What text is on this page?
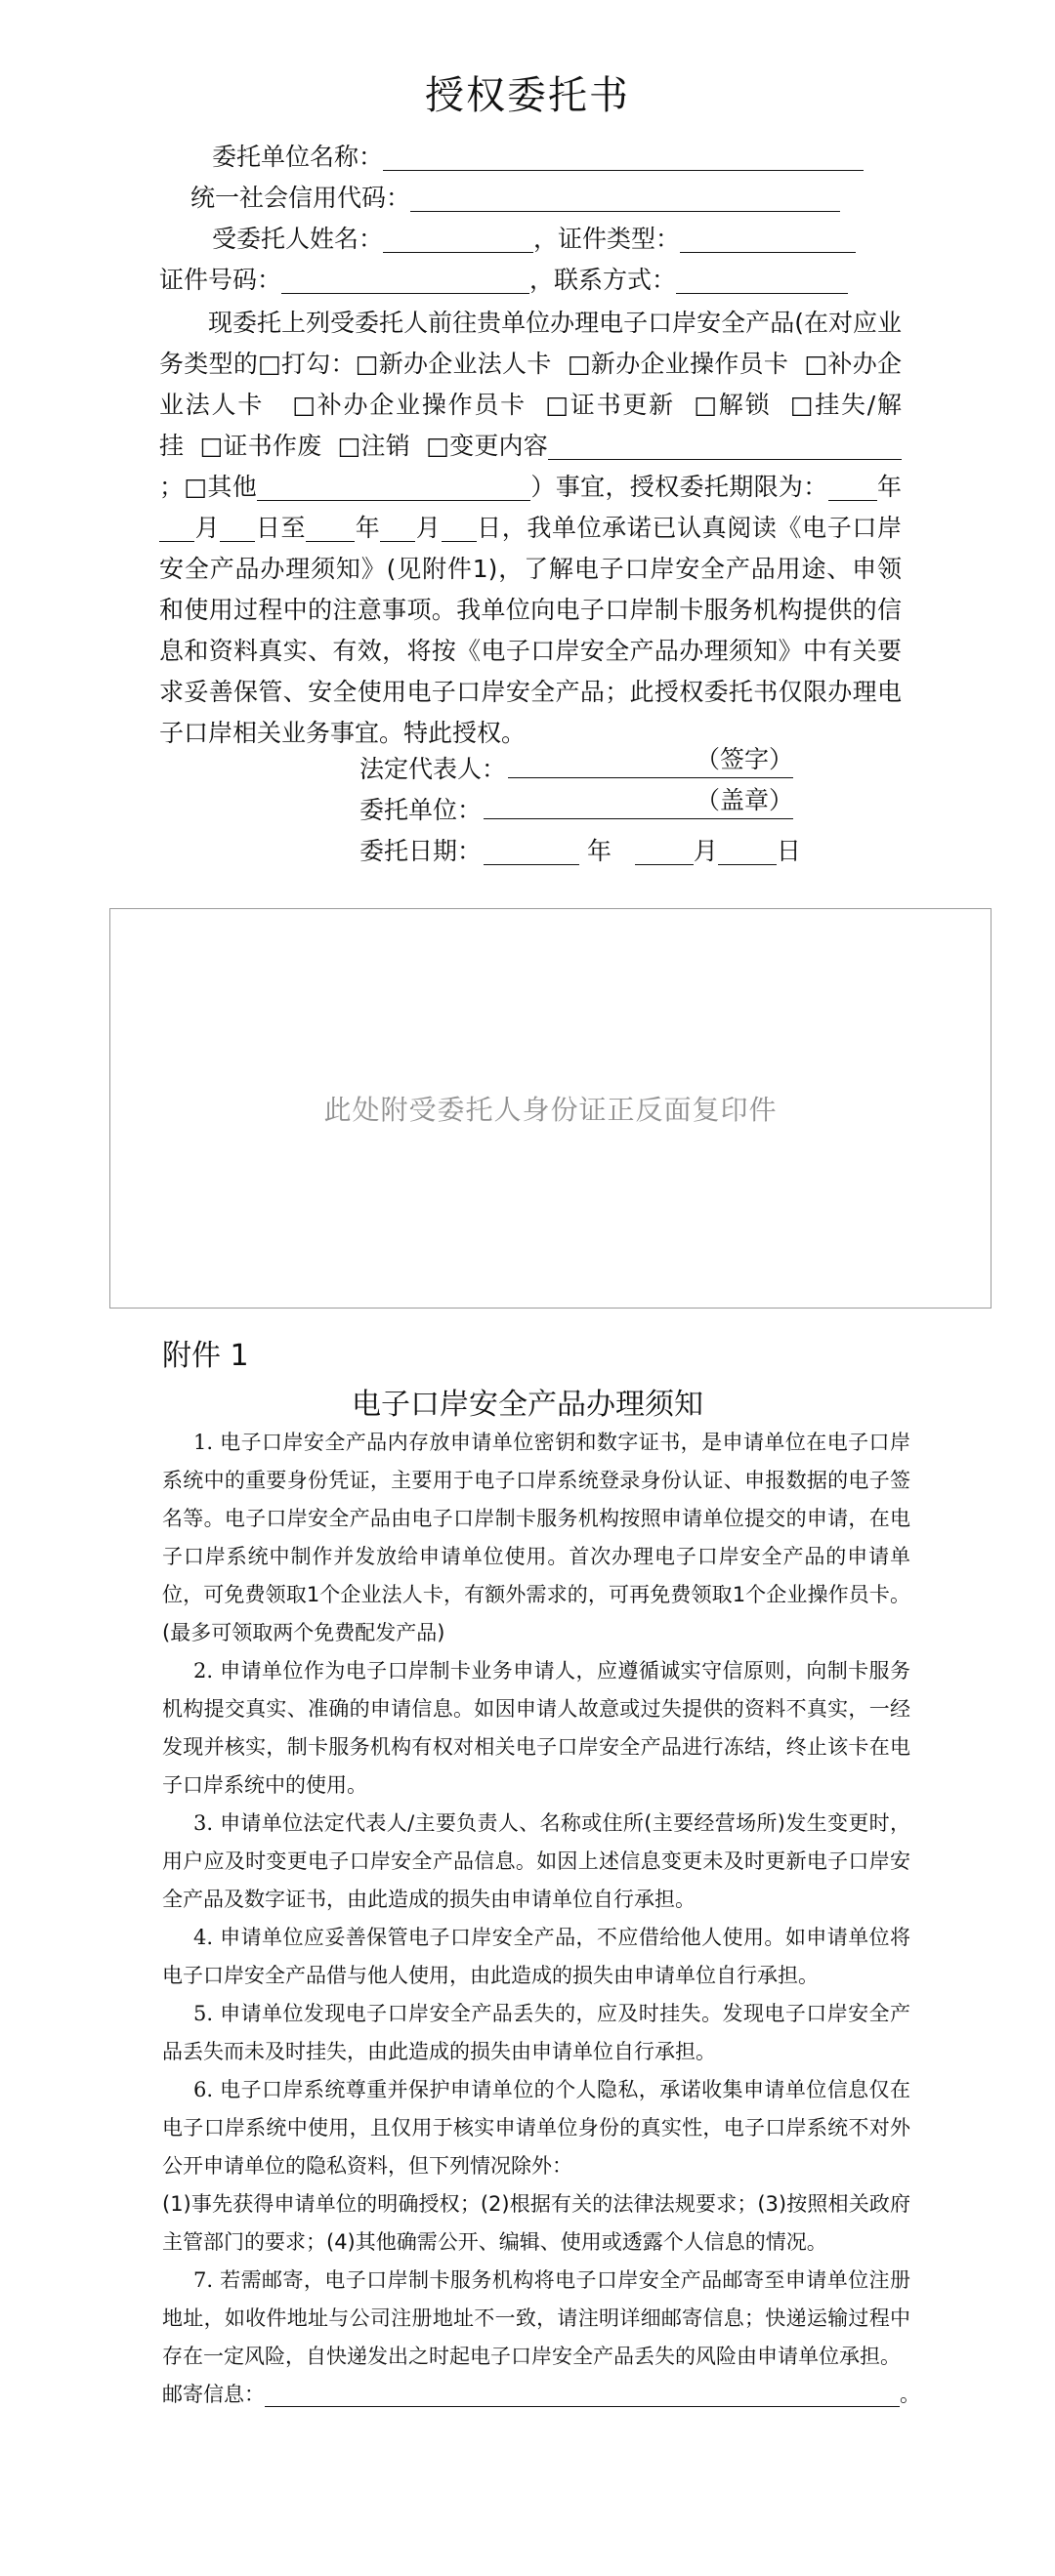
授权委托书
委托单位名称：
统一社会信用代码：
受委托人姓名：	，证件类型：
证件号码：	，联系方式：
现委托上列受委托人前往贵单位办理电子口岸安全产品(在对应业务类型的□打勾：□新办企业法人卡 □新办企业操作员卡 □补办企业法人卡 □补办企业操作员卡 □证书更新 □解锁 □挂失/解挂 □证书作废 □注销 □变更内容；□其他	）事宜，授权委托期限为： 年月 日至 年 月 日，我单位承诺已认真阅读《电子口岸安全产品办理须知》(见附件1)，了解电子口岸安全产品用途、申领和使用过程中的注意事项。我单位向电子口岸制卡服务机构提供的信息和资料真实、有效，将按《电子口岸安全产品办理须知》中有关要求妥善保管、安全使用电子口岸安全产品；此授权委托书仅限办理电子口岸相关业务事宜。特此授权。
法定代表人：	（签字）
委托单位：	（盖章）
委托日期：	年	月 日
此处附受委托人身份证正反面复印件
附件 1
电子口岸安全产品办理须知
1. 电子口岸安全产品内存放申请单位密钥和数字证书，是申请单位在电子口岸系统中的重要身份凭证，主要用于电子口岸系统登录身份认证、申报数据的电子签名等。电子口岸安全产品由电子口岸制卡服务机构按照申请单位提交的申请，在电子口岸系统中制作并发放给申请单位使用。首次办理电子口岸安全产品的申请单位，可免费领取1个企业法人卡，有额外需求的，可再免费领取1个企业操作员卡。(最多可领取两个免费配发产品)
2. 申请单位作为电子口岸制卡业务申请人，应遵循诚实守信原则，向制卡服务机构提交真实、准确的申请信息。如因申请人故意或过失提供的资料不真实，一经发现并核实，制卡服务机构有权对相关电子口岸安全产品进行冻结，终止该卡在电子口岸系统中的使用。
3. 申请单位法定代表人/主要负责人、名称或住所(主要经营场所)发生变更时，用户应及时变更电子口岸安全产品信息。如因上述信息变更未及时更新电子口岸安全产品及数字证书，由此造成的损失由申请单位自行承担。
4. 申请单位应妥善保管电子口岸安全产品，不应借给他人使用。如申请单位将电子口岸安全产品借与他人使用，由此造成的损失由申请单位自行承担。
5. 申请单位发现电子口岸安全产品丢失的，应及时挂失。发现电子口岸安全产品丢失而未及时挂失，由此造成的损失由申请单位自行承担。
6. 电子口岸系统尊重并保护申请单位的个人隐私，承诺收集申请单位信息仅在电子口岸系统中使用，且仅用于核实申请单位身份的真实性，电子口岸系统不对外公开申请单位的隐私资料，但下列情况除外：
(1)事先获得申请单位的明确授权；(2)根据有关的法律法规要求；(3)按照相关政府主管部门的要求；(4)其他确需公开、编辑、使用或透露个人信息的情况。
7. 若需邮寄，电子口岸制卡服务机构将电子口岸安全产品邮寄至申请单位注册地址，如收件地址与公司注册地址不一致，请注明详细邮寄信息；快递运输过程中存在一定风险，自快递发出之时起电子口岸安全产品丢失的风险由申请单位承担。
邮寄信息：	。
